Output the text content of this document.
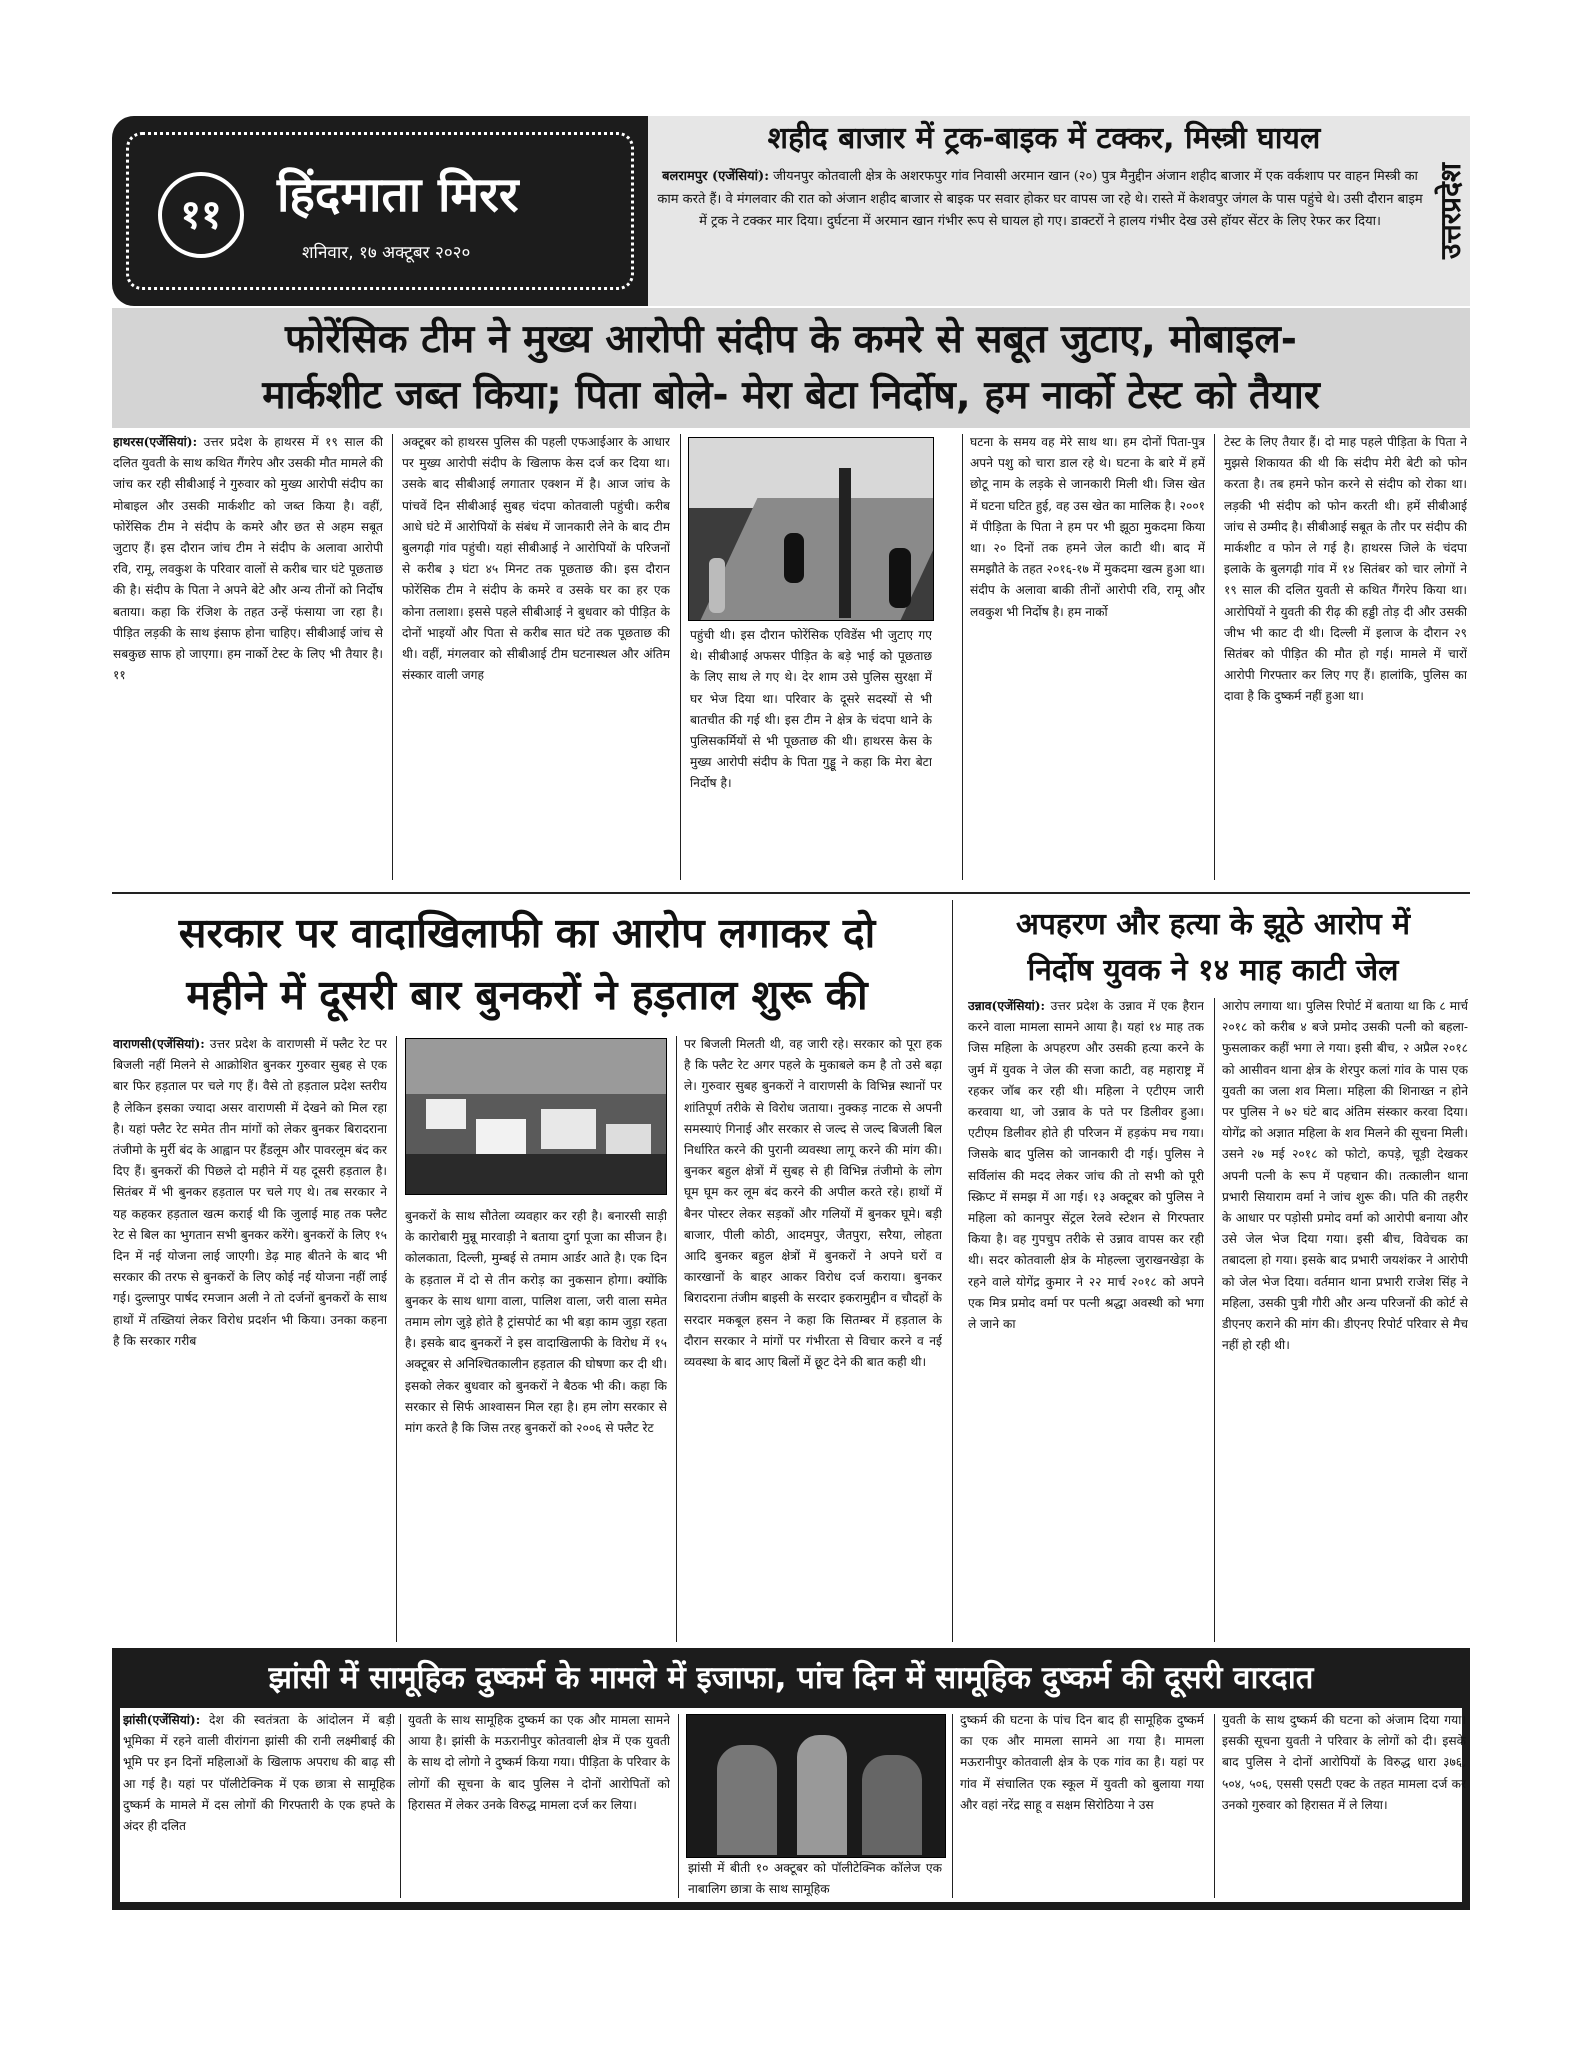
११	हिंदमाता मिरर
शनिवार, १७ अक्टूबर २०२०
शहीद बाजार में ट्रक-बाइक में टक्कर, मिस्त्री घायल
बलरामपुर (एजेंसियां): जीयनपुर कोतवाली क्षेत्र के अशरफपुर गांव निवासी अरमान खान (२०) पुत्र मैनुद्दीन अंजान शहीद बाजार में एक वर्कशाप पर वाहन मिस्त्री का काम करते हैं। वे मंगलवार की रात को अंजान शहीद बाजार से बाइक पर सवार होकर घर वापस जा रहे थे। रास्ते में केशवपुर जंगल के पास पहुंचे थे। उसी दौरान बाइम में ट्रक ने टक्कर मार दिया। दुर्घटना में अरमान खान गंभीर रूप से घायल हो गए। डाक्टरों ने हालय गंभीर देख उसे हॉयर सेंटर के लिए रेफर कर दिया।	उत्तरप्रदेश
फोरेंसिक टीम ने मुख्य आरोपी संदीप के कमरे से सबूत जुटाए, मोबाइल-
मार्कशीट जब्त किया; पिता बोले- मेरा बेटा निर्दोष, हम नार्को टेस्ट को तैयार
हाथरस(एजेंसियां): उत्तर प्रदेश के हाथरस में १९ साल की दलित युवती के साथ कथित गैंगरेप और उसकी मौत मामले की जांच कर रही सीबीआई ने गुरुवार को मुख्य आरोपी संदीप का मोबाइल और उसकी मार्कशीट को जब्त किया है। वहीं, फोरेंसिक टीम ने संदीप के कमरे और छत से अहम सबूत जुटाए हैं। इस दौरान जांच टीम ने संदीप के अलावा आरोपी रवि, रामू, लवकुश के परिवार वालों से करीब चार घंटे पूछताछ की है। संदीप के पिता ने अपने बेटे और अन्य तीनों को निर्दोष बताया। कहा कि रंजिश के तहत उन्हें फंसाया जा रहा है। पीड़ित लड़की के साथ इंसाफ होना चाहिए। सीबीआई जांच से सबकुछ साफ हो जाएगा। हम नार्को टेस्ट के लिए भी तैयार है। ११
अक्टूबर को हाथरस पुलिस की पहली एफआईआर के आधार पर मुख्य आरोपी संदीप के खिलाफ केस दर्ज कर दिया था। उसके बाद सीबीआई लगातार एक्शन में है। आज जांच के पांचवें दिन सीबीआई सुबह चंदपा कोतवाली पहुंची। करीब आधे घंटे में आरोपियों के संबंध में जानकारी लेने के बाद टीम बुलगढ़ी गांव पहुंची। यहां सीबीआई ने आरोपियों के परिजनों से करीब ३ घंटा ४५ मिनट तक पूछताछ की। इस दौरान फोरेंसिक टीम ने संदीप के कमरे व उसके घर का हर एक कोना तलाशा। इससे पहले सीबीआई ने बुधवार को पीड़ित के दोनों भाइयों और पिता से करीब सात घंटे तक पूछताछ की थी। वहीं, मंगलवार को सीबीआई टीम घटनास्थल और अंतिम संस्कार वाली जगह
पहुंची थी। इस दौरान फोरेंसिक एविडेंस भी जुटाए गए थे। सीबीआई अफसर पीड़ित के बड़े भाई को पूछताछ के लिए साथ ले गए थे। देर शाम उसे पुलिस सुरक्षा में घर भेज दिया था। परिवार के दूसरे सदस्यों से भी बातचीत की गई थी। इस टीम ने क्षेत्र के चंदपा थाने के पुलिसकर्मियों से भी पूछताछ की थी। हाथरस केस के मुख्य आरोपी संदीप के पिता गुड्डू ने कहा कि मेरा बेटा निर्दोष है।
घटना के समय वह मेरे साथ था। हम दोनों पिता-पुत्र अपने पशु को चारा डाल रहे थे। घटना के बारे में हमें छोटू नाम के लड़के से जानकारी मिली थी। जिस खेत में घटना घटित हुई, वह उस खेत का मालिक है। २००१ में पीड़िता के पिता ने हम पर भी झूठा मुकदमा किया था। २० दिनों तक हमने जेल काटी थी। बाद में समझौते के तहत २०१६-१७ में मुकदमा खत्म हुआ था। संदीप के अलावा बाकी तीनों आरोपी रवि, रामू और लवकुश भी निर्दोष है। हम नार्को
टेस्ट के लिए तैयार हैं। दो माह पहले पीड़िता के पिता ने मुझसे शिकायत की थी कि संदीप मेरी बेटी को फोन करता है। तब हमने फोन करने से संदीप को रोका था। लड़की भी संदीप को फोन करती थी। हमें सीबीआई जांच से उम्मीद है। सीबीआई सबूत के तौर पर संदीप की मार्कशीट व फोन ले गई है। हाथरस जिले के चंदपा इलाके के बुलगढ़ी गांव में १४ सितंबर को चार लोगों ने १९ साल की दलित युवती से कथित गैंगरेप किया था। आरोपियों ने युवती की रीढ़ की हड्डी तोड़ दी और उसकी जीभ भी काट दी थी। दिल्ली में इलाज के दौरान २९ सितंबर को पीड़ित की मौत हो गई। मामले में चारों आरोपी गिरफ्तार कर लिए गए हैं। हालांकि, पुलिस का दावा है कि दुष्कर्म नहीं हुआ था।
सरकार पर वादाखिलाफी का आरोप लगाकर दो
महीने में दूसरी बार बुनकरों ने हड़ताल शुरू की
वाराणसी(एजेंसियां): उत्तर प्रदेश के वाराणसी में फ्लैट रेट पर बिजली नहीं मिलने से आक्रोशित बुनकर गुरुवार सुबह से एक बार फिर हड़ताल पर चले गए हैं। वैसे तो हड़ताल प्रदेश स्तरीय है लेकिन इसका ज्यादा असर वाराणसी में देखने को मिल रहा है। यहां फ्लैट रेट समेत तीन मांगों को लेकर बुनकर बिरादराना तंजीमो के मुर्री बंद के आह्वान पर हैंडलूम और पावरलूम बंद कर दिए हैं। बुनकरों की पिछले दो महीने में यह दूसरी हड़ताल है। सितंबर में भी बुनकर हड़ताल पर चले गए थे। तब सरकार ने यह कहकर हड़ताल खत्म कराई थी कि जुलाई माह तक फ्लैट रेट से बिल का भुगतान सभी बुनकर करेंगे। बुनकरों के लिए १५ दिन में नई योजना लाई जाएगी। डेढ़ माह बीतने के बाद भी सरकार की तरफ से बुनकरों के लिए कोई नई योजना नहीं लाई गई। दुल्लापुर पार्षद रमजान अली ने तो दर्जनों बुनकरों के साथ हाथों में तख्तियां लेकर विरोध प्रदर्शन भी किया। उनका कहना है कि सरकार गरीब
बुनकरों के साथ सौतेला व्यवहार कर रही है। बनारसी साड़ी के कारोबारी मुन्नू मारवाड़ी ने बताया दुर्गा पूजा का सीजन है। कोलकाता, दिल्ली, मुम्बई से तमाम आर्डर आते है। एक दिन के हड़ताल में दो से तीन करोड़ का नुकसान होगा। क्योंकि बुनकर के साथ धागा वाला, पालिश वाला, जरी वाला समेत तमाम लोग जुड़े होते है ट्रांसपोर्ट का भी बड़ा काम जुड़ा रहता है। इसके बाद बुनकरों ने इस वादाखिलाफी के विरोध में १५ अक्टूबर से अनिश्चितकालीन हड़ताल की घोषणा कर दी थी। इसको लेकर बुधवार को बुनकरों ने बैठक भी की। कहा कि सरकार से सिर्फ आश्वासन मिल रहा है। हम लोग सरकार से मांग करते है कि जिस तरह बुनकरों को २००६ से फ्लैट रेट
पर बिजली मिलती थी, वह जारी रहे। सरकार को पूरा हक है कि फ्लैट रेट अगर पहले के मुकाबले कम है तो उसे बढ़ा ले। गुरुवार सुबह बुनकरों ने वाराणसी के विभिन्न स्थानों पर शांतिपूर्ण तरीके से विरोध जताया। नुक्कड़ नाटक से अपनी समस्याएं गिनाई और सरकार से जल्द से जल्द बिजली बिल निर्धारित करने की पुरानी व्यवस्था लागू करने की मांग की। बुनकर बहुल क्षेत्रों में सुबह से ही विभिन्न तंजीमो के लोग घूम घूम कर लूम बंद करने की अपील करते रहे। हाथों में बैनर पोस्टर लेकर सड़कों और गलियों में बुनकर घूमे। बड़ी बाजार, पीली कोठी, आदमपुर, जैतपुरा, सरैया, लोहता आदि बुनकर बहुल क्षेत्रों में बुनकरों ने अपने घरों व कारखानों के बाहर आकर विरोध दर्ज कराया। बुनकर बिरादराना तंजीम बाइसी के सरदार इकरामुद्दीन व चौदहों के सरदार मकबूल हसन ने कहा कि सितम्बर में हड़ताल के दौरान सरकार ने मांगों पर गंभीरता से विचार करने व नई व्यवस्था के बाद आए बिलों में छूट देने की बात कही थी।
अपहरण और हत्या के झूठे आरोप में
निर्दोष युवक ने १४ माह काटी जेल
उन्नाव(एजेंसियां): उत्तर प्रदेश के उन्नाव में एक हैरान करने वाला मामला सामने आया है। यहां १४ माह तक जिस महिला के अपहरण और उसकी हत्या करने के जुर्म में युवक ने जेल की सजा काटी, वह महाराष्ट्र में रहकर जॉब कर रही थी। महिला ने एटीएम जारी करवाया था, जो उन्नाव के पते पर डिलीवर हुआ। एटीएम डिलीवर होते ही परिजन में हड़कंप मच गया। जिसके बाद पुलिस को जानकारी दी गई। पुलिस ने सर्विलांस की मदद लेकर जांच की तो सभी को पूरी स्क्रिप्ट में समझ में आ गई। १३ अक्टूबर को पुलिस ने महिला को कानपुर सेंट्रल रेलवे स्टेशन से गिरफ्तार किया है। वह गुपचुप तरीके से उन्नाव वापस कर रही थी। सदर कोतवाली क्षेत्र के मोहल्ला जुराखनखेड़ा के रहने वाले योगेंद्र कुमार ने २२ मार्च २०१८ को अपने एक मित्र प्रमोद वर्मा पर पत्नी श्रद्धा अवस्थी को भगा ले जाने का
आरोप लगाया था। पुलिस रिपोर्ट में बताया था कि ८ मार्च २०१८ को करीब ४ बजे प्रमोद उसकी पत्नी को बहला-फुसलाकर कहीं भगा ले गया। इसी बीच, २ अप्रैल २०१८ को आसीवन थाना क्षेत्र के शेरपुर कलां गांव के पास एक युवती का जला शव मिला। महिला की शिनाख्त न होने पर पुलिस ने ७२ घंटे बाद अंतिम संस्कार करवा दिया। योगेंद्र को अज्ञात महिला के शव मिलने की सूचना मिली। उसने २७ मई २०१८ को फोटो, कपड़े, चूड़ी देखकर अपनी पत्नी के रूप में पहचान की। तत्कालीन थाना प्रभारी सियाराम वर्मा ने जांच शुरू की। पति की तहरीर के आधार पर पड़ोसी प्रमोद वर्मा को आरोपी बनाया और उसे जेल भेज दिया गया। इसी बीच, विवेचक का तबादला हो गया। इसके बाद प्रभारी जयशंकर ने आरोपी को जेल भेज दिया। वर्तमान थाना प्रभारी राजेश सिंह ने महिला, उसकी पुत्री गौरी और अन्य परिजनों की कोर्ट से डीएनए कराने की मांग की। डीएनए रिपोर्ट परिवार से मैच नहीं हो रही थी।
झांसी में सामूहिक दुष्कर्म के मामले में इजाफा, पांच दिन में सामूहिक दुष्कर्म की दूसरी वारदात
झांसी(एजेंसियां): देश की स्वतंत्रता के आंदोलन में बड़ी भूमिका में रहने वाली वीरांगना झांसी की रानी लक्ष्मीबाई की भूमि पर इन दिनों महिलाओं के खिलाफ अपराध की बाढ़ सी आ गई है। यहां पर पॉलीटेक्निक में एक छात्रा से सामूहिक दुष्कर्म के मामले में दस लोगों की गिरफ्तारी के एक हफ्ते के अंदर ही दलित
युवती के साथ सामूहिक दुष्कर्म का एक और मामला सामने आया है। झांसी के मऊरानीपुर कोतवाली क्षेत्र में एक युवती के साथ दो लोगो ने दुष्कर्म किया गया। पीड़िता के परिवार के लोगों की सूचना के बाद पुलिस ने दोनों आरोपितों को हिरासत में लेकर उनके विरुद्ध मामला दर्ज कर लिया।
झांसी में बीती १० अक्टूबर को पॉलीटेक्निक कॉलेज एक नाबालिग छात्रा के साथ सामूहिक
दुष्कर्म की घटना के पांच दिन बाद ही सामूहिक दुष्कर्म का एक और मामला सामने आ गया है। मामला मऊरानीपुर कोतवाली क्षेत्र के एक गांव का है। यहां पर गांव में संचालित एक स्कूल में युवती को बुलाया गया और वहां नरेंद्र साहू व सक्षम सिरोठिया ने उस
युवती के साथ दुष्कर्म की घटना को अंजाम दिया गया। इसकी सूचना युवती ने परिवार के लोगों को दी। इसके बाद पुलिस ने दोनों आरोपियों के विरुद्ध धारा ३७६, ५०४, ५०६, एससी एसटी एक्ट के तहत मामला दर्ज कर उनको गुरुवार को हिरासत में ले लिया।
